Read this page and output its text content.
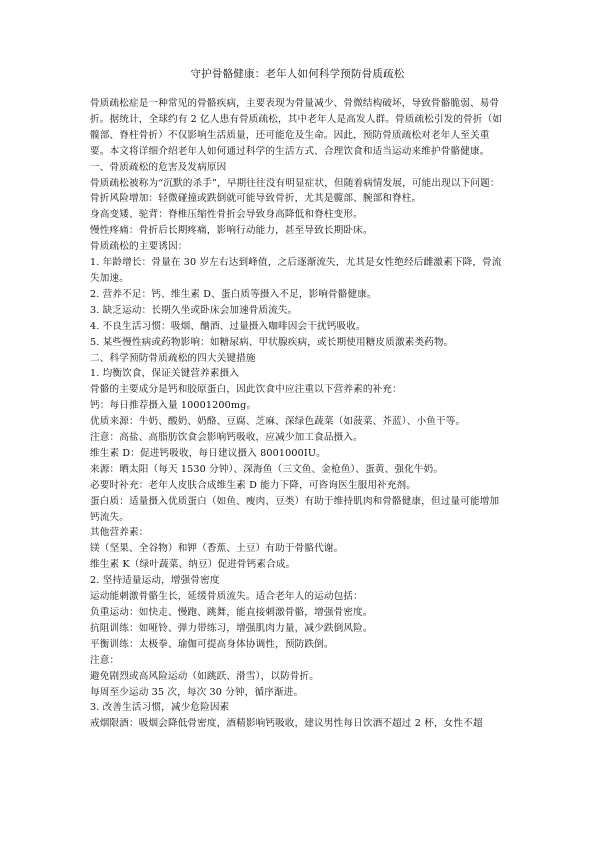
守护骨骼健康：老年人如何科学预防骨质疏松

骨质疏松症是一种常见的骨骼疾病，主要表现为骨量减少、骨微结构破坏，导致骨骼脆弱、易骨折。据统计，全球约有 2 亿人患有骨质疏松，其中老年人是高发人群。骨质疏松引发的骨折（如髋部、脊柱骨折）不仅影响生活质量，还可能危及生命。因此，预防骨质疏松对老年人至关重要。本文将详细介绍老年人如何通过科学的生活方式、合理饮食和适当运动来维护骨骼健康。

一、骨质疏松的危害及发病原因

骨质疏松被称为“沉默的杀手”，早期往往没有明显症状，但随着病情发展，可能出现以下问题：

骨折风险增加：轻微碰撞或跌倒就可能导致骨折，尤其是髋部、腕部和脊柱。

身高变矮、驼背：脊椎压缩性骨折会导致身高降低和脊柱变形。

慢性疼痛：骨折后长期疼痛，影响行动能力，甚至导致长期卧床。

骨质疏松的主要诱因：

1. 年龄增长：骨量在 30 岁左右达到峰值，之后逐渐流失，尤其是女性绝经后雌激素下降，骨流失加速。

2. 营养不足：钙、维生素 D、蛋白质等摄入不足，影响骨骼健康。

3. 缺乏运动：长期久坐或卧床会加速骨质流失。

4. 不良生活习惯：吸烟、酗酒、过量摄入咖啡因会干扰钙吸收。

5. 某些慢性病或药物影响：如糖尿病、甲状腺疾病，或长期使用糖皮质激素类药物。

二、科学预防骨质疏松的四大关键措施

1. 均衡饮食，保证关键营养素摄入

骨骼的主要成分是钙和胶原蛋白，因此饮食中应注重以下营养素的补充：

钙：每日推荐摄入量 10001200mg。

优质来源：牛奶、酸奶、奶酪、豆腐、芝麻、深绿色蔬菜（如菠菜、芥蓝）、小鱼干等。

注意：高盐、高脂肪饮食会影响钙吸收，应减少加工食品摄入。

维生素 D：促进钙吸收，每日建议摄入 8001000IU。

来源：晒太阳（每天 1530 分钟）、深海鱼（三文鱼、金枪鱼）、蛋黄、强化牛奶。

必要时补充：老年人皮肤合成维生素 D 能力下降，可咨询医生服用补充剂。

蛋白质：适量摄入优质蛋白（如鱼、瘦肉、豆类）有助于维持肌肉和骨骼健康，但过量可能增加钙流失。

其他营养素：

镁（坚果、全谷物）和钾（香蕉、土豆）有助于骨骼代谢。

维生素 K（绿叶蔬菜、纳豆）促进骨钙素合成。

2. 坚持适量运动，增强骨密度

运动能刺激骨骼生长，延缓骨质流失。适合老年人的运动包括：

负重运动：如快走、慢跑、跳舞，能直接刺激骨骼，增强骨密度。

抗阻训练：如哑铃、弹力带练习，增强肌肉力量，减少跌倒风险。

平衡训练：太极拳、瑜伽可提高身体协调性，预防跌倒。

注意：

避免剧烈或高风险运动（如跳跃、滑雪），以防骨折。

每周至少运动 35 次，每次 30 分钟，循序渐进。

3. 改善生活习惯，减少危险因素

戒烟限酒：吸烟会降低骨密度，酒精影响钙吸收，建议男性每日饮酒不超过 2 杯，女性不超
